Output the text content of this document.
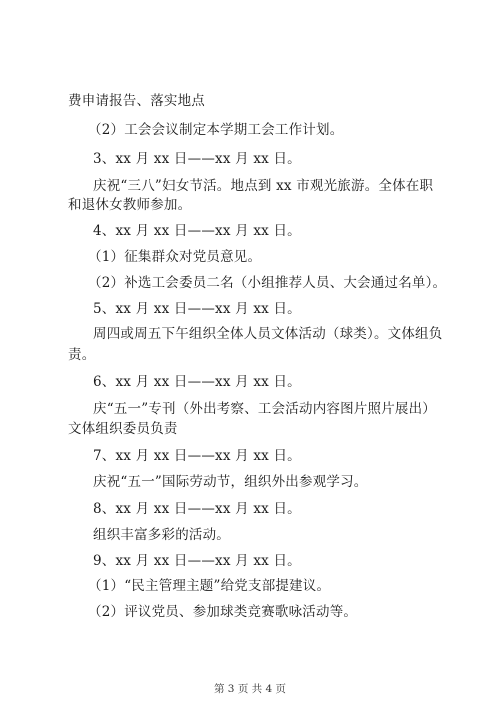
费申请报告、落实地点
（2）工会会议制定本学期工会工作计划。
3、xx 月 xx 日——xx 月 xx 日。
庆祝“三八”妇女节活。地点到 xx 市观光旅游。全体在职
和退休女教师参加。
4、xx 月 xx 日——xx 月 xx 日。
（1）征集群众对党员意见。
（2）补选工会委员二名（小组推荐人员、大会通过名单）。
5、xx 月 xx 日——xx 月 xx 日。
周四或周五下午组织全体人员文体活动（球类）。文体组负
责。
6、xx 月 xx 日——xx 月 xx 日。
庆“五一”专刊（外出考察、工会活动内容图片照片展出）
文体组织委员负责
7、xx 月 xx 日——xx 月 xx 日。
庆祝“五一”国际劳动节，组织外出参观学习。
8、xx 月 xx 日——xx 月 xx 日。
组织丰富多彩的活动。
9、xx 月 xx 日——xx 月 xx 日。
（1）“民主管理主题”给党支部提建议。
（2）评议党员、参加球类竞赛歌咏活动等。
第 3 页 共 4 页
